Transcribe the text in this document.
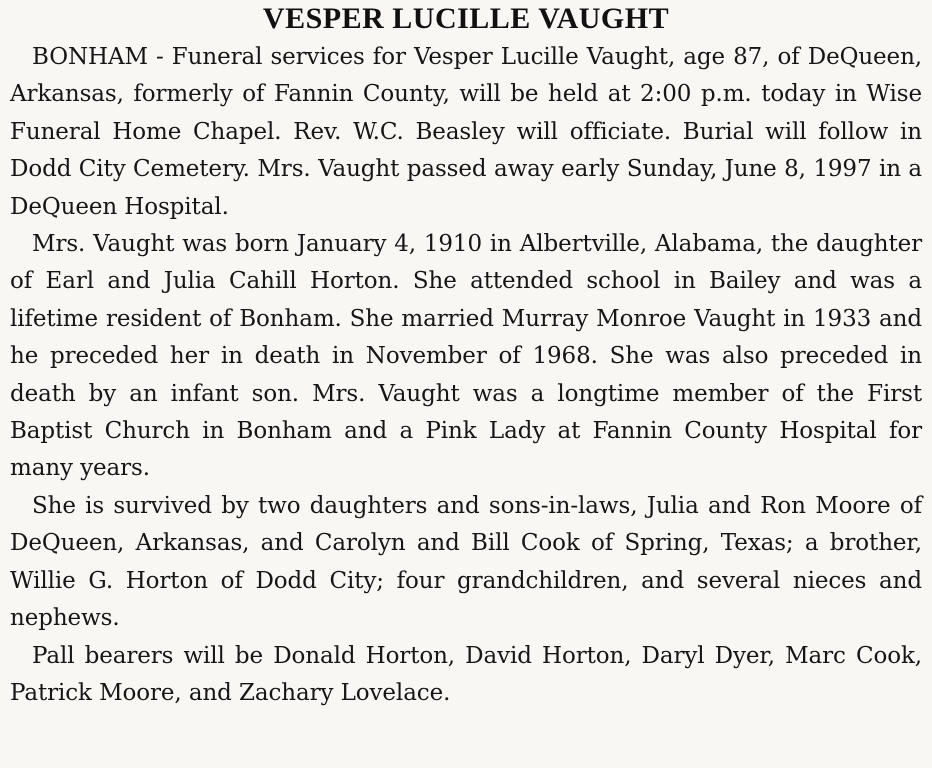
VESPER LUCILLE VAUGHT

BONHAM - Funeral services for Vesper Lucille Vaught, age 87, of DeQueen, Arkansas, formerly of Fannin County, will be held at 2:00 p.m. today in Wise Funeral Home Chapel. Rev. W.C. Beasley will officiate. Burial will follow in Dodd City Cemetery. Mrs. Vaught passed away early Sunday, June 8, 1997 in a DeQueen Hospital.

Mrs. Vaught was born January 4, 1910 in Albertville, Alabama, the daughter of Earl and Julia Cahill Horton. She attended school in Bailey and was a lifetime resident of Bonham. She married Murray Monroe Vaught in 1933 and he preceded her in death in November of 1968. She was also preceded in death by an infant son. Mrs. Vaught was a longtime member of the First Baptist Church in Bonham and a Pink Lady at Fannin County Hospital for many years.

She is survived by two daughters and sons-in-laws, Julia and Ron Moore of DeQueen, Arkansas, and Carolyn and Bill Cook of Spring, Texas; a brother, Willie G. Horton of Dodd City; four grandchildren, and several nieces and nephews.

Pall bearers will be Donald Horton, David Horton, Daryl Dyer, Marc Cook, Patrick Moore, and Zachary Lovelace.
